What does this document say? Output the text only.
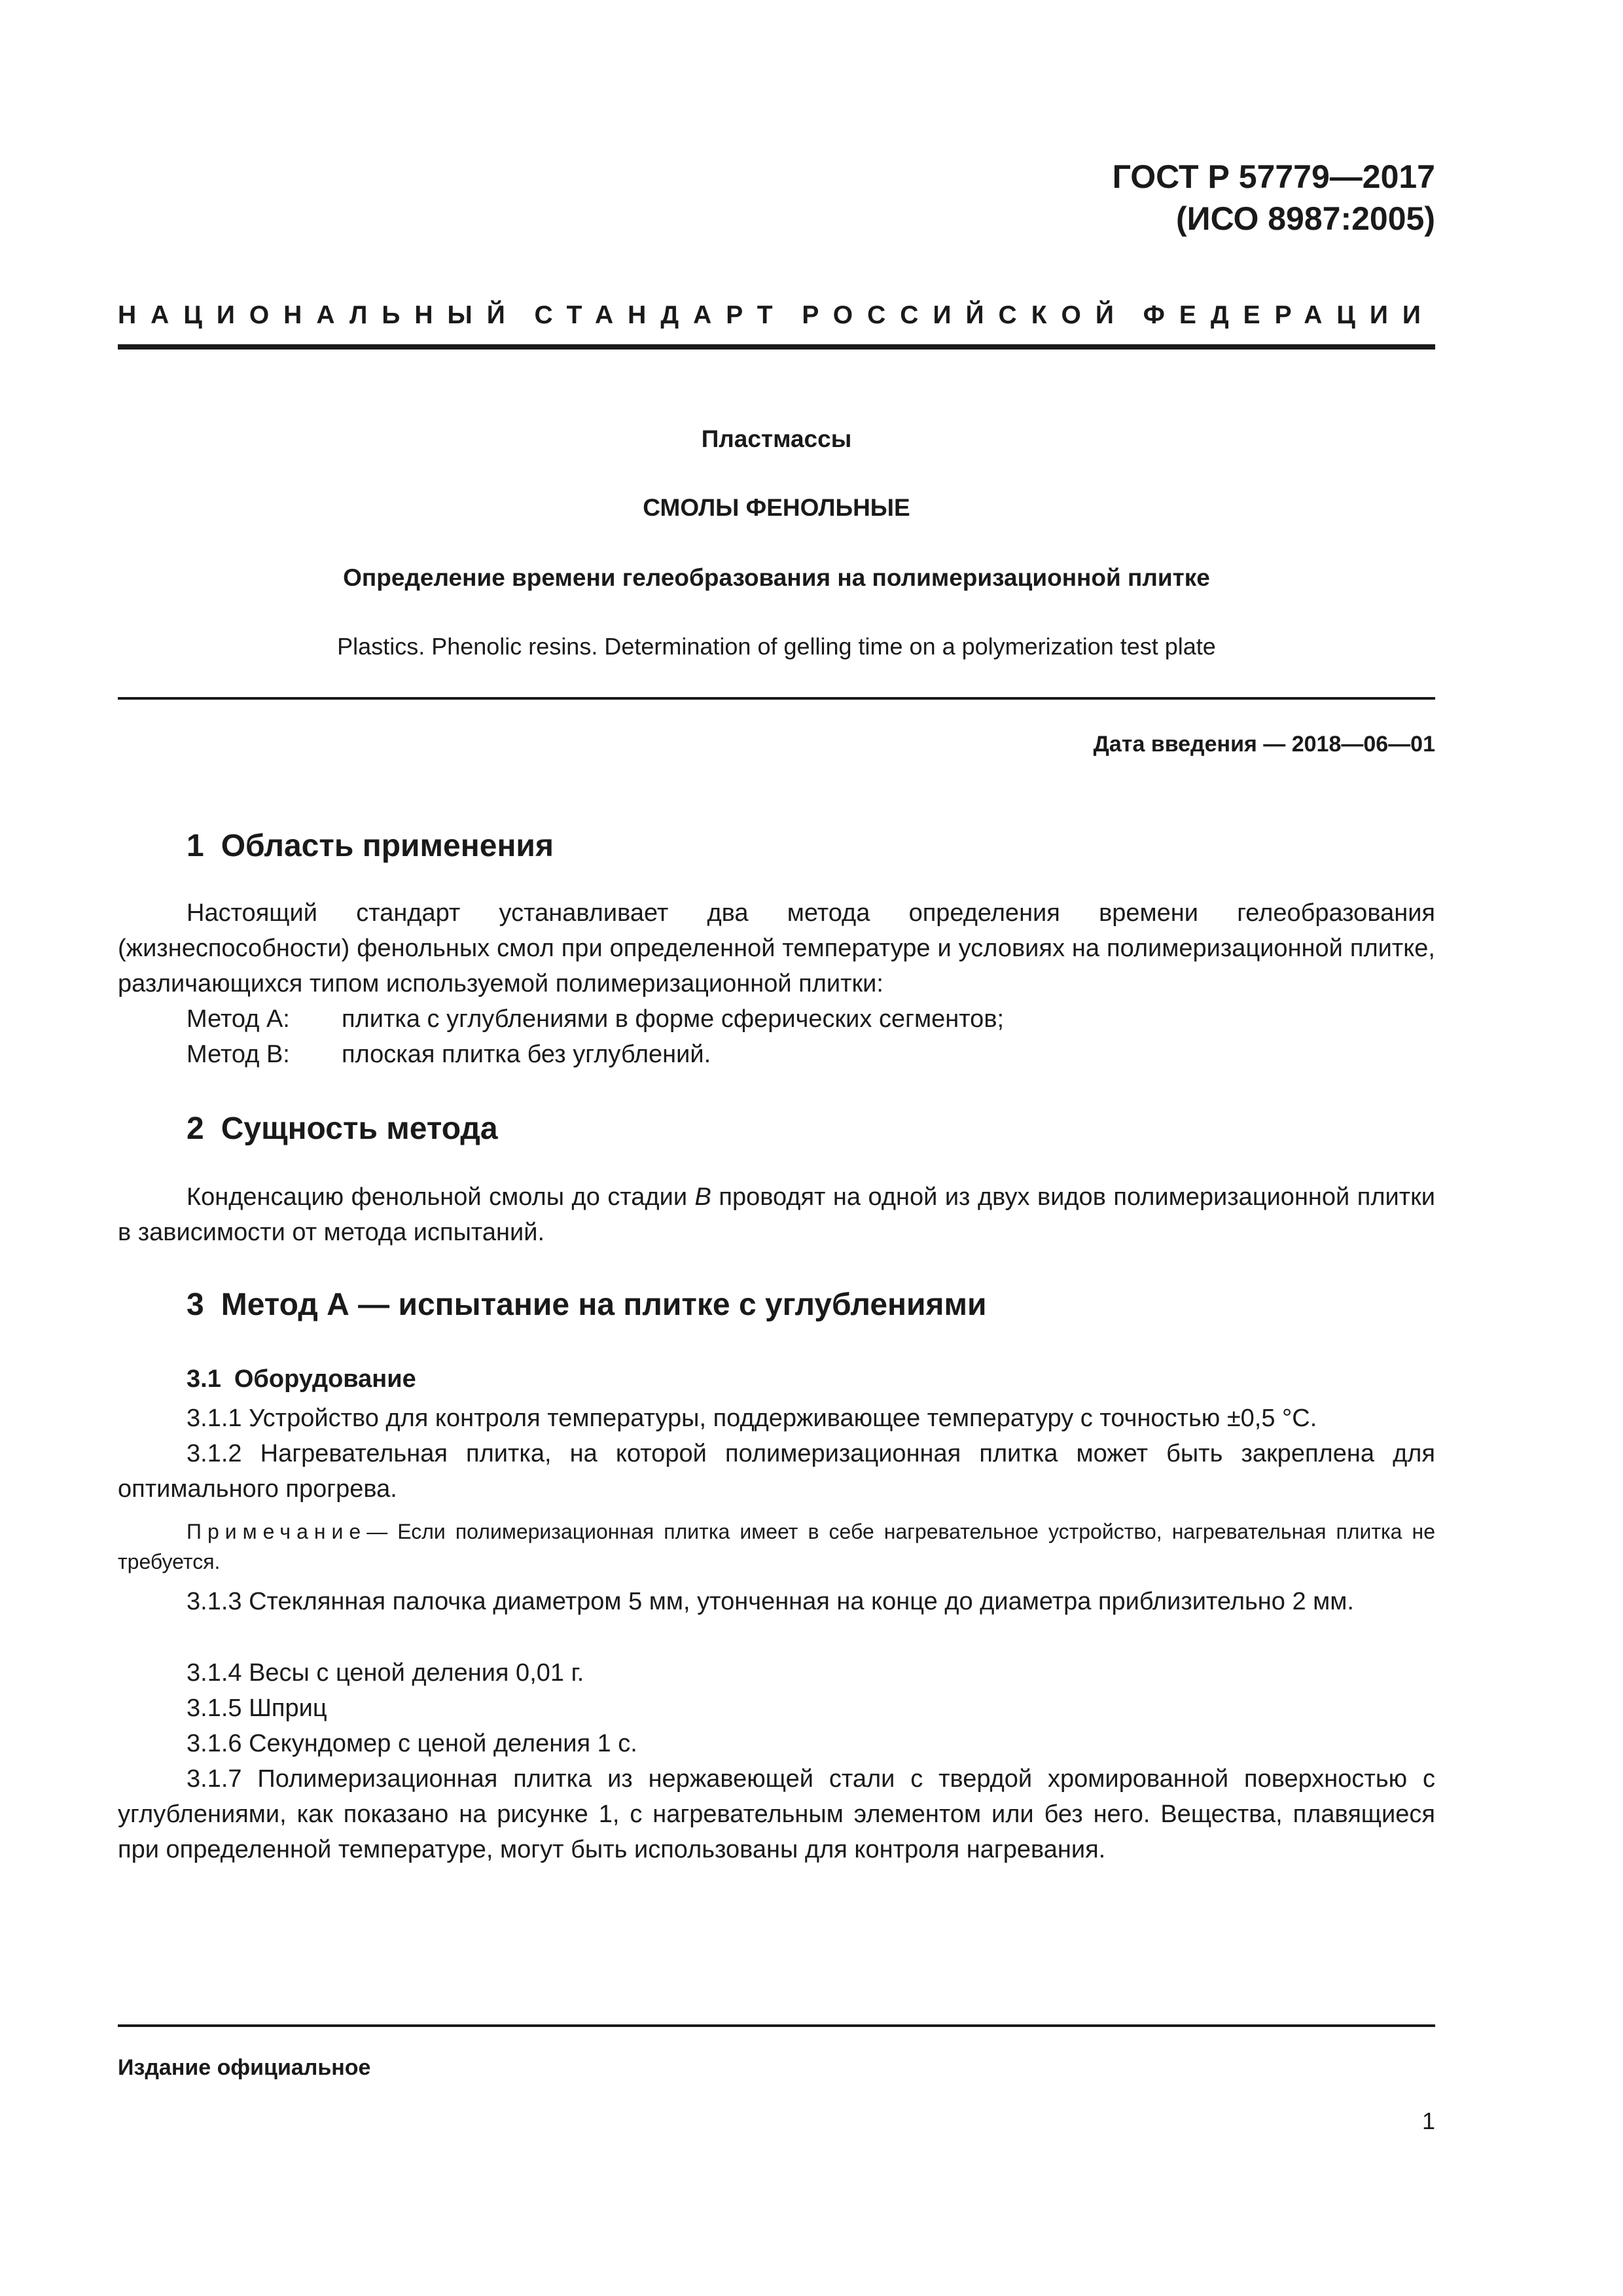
ГОСТ Р 57779—2017
(ИСО 8987:2005)
НАЦИОНАЛЬНЫЙ СТАНДАРТ РОССИЙСКОЙ ФЕДЕРАЦИИ
Пластмассы
СМОЛЫ ФЕНОЛЬНЫЕ
Определение времени гелеобразования на полимеризационной плитке
Plastics. Phenolic resins. Determination of gelling time on a polymerization test plate
Дата введения — 2018—06—01
1 Область применения
Настоящий стандарт устанавливает два метода определения времени гелеобразования (жизнеспособности) фенольных смол при определенной температуре и условиях на полимеризационной плитке, различающихся типом используемой полимеризационной плитки:
Метод А: плитка с углублениями в форме сферических сегментов;
Метод В: плоская плитка без углублений.
2 Сущность метода
Конденсацию фенольной смолы до стадии В проводят на одной из двух видов полимеризационной плитки в зависимости от метода испытаний.
3 Метод А — испытание на плитке с углублениями
3.1 Оборудование
3.1.1 Устройство для контроля температуры, поддерживающее температуру с точностью ±0,5 °С.
3.1.2 Нагревательная плитка, на которой полимеризационная плитка может быть закреплена для оптимального прогрева.
Примечание— Если полимеризационная плитка имеет в себе нагревательное устройство, нагревательная плитка не требуется.
3.1.3 Стеклянная палочка диаметром 5 мм, утонченная на конце до диаметра приблизительно 2 мм.
3.1.4 Весы с ценой деления 0,01 г.
3.1.5 Шприц
3.1.6 Секундомер с ценой деления 1 с.
3.1.7 Полимеризационная плитка из нержавеющей стали с твердой хромированной поверхностью с углублениями, как показано на рисунке 1, с нагревательным элементом или без него. Вещества, плавящиеся при определенной температуре, могут быть использованы для контроля нагревания.
Издание официальное
1
